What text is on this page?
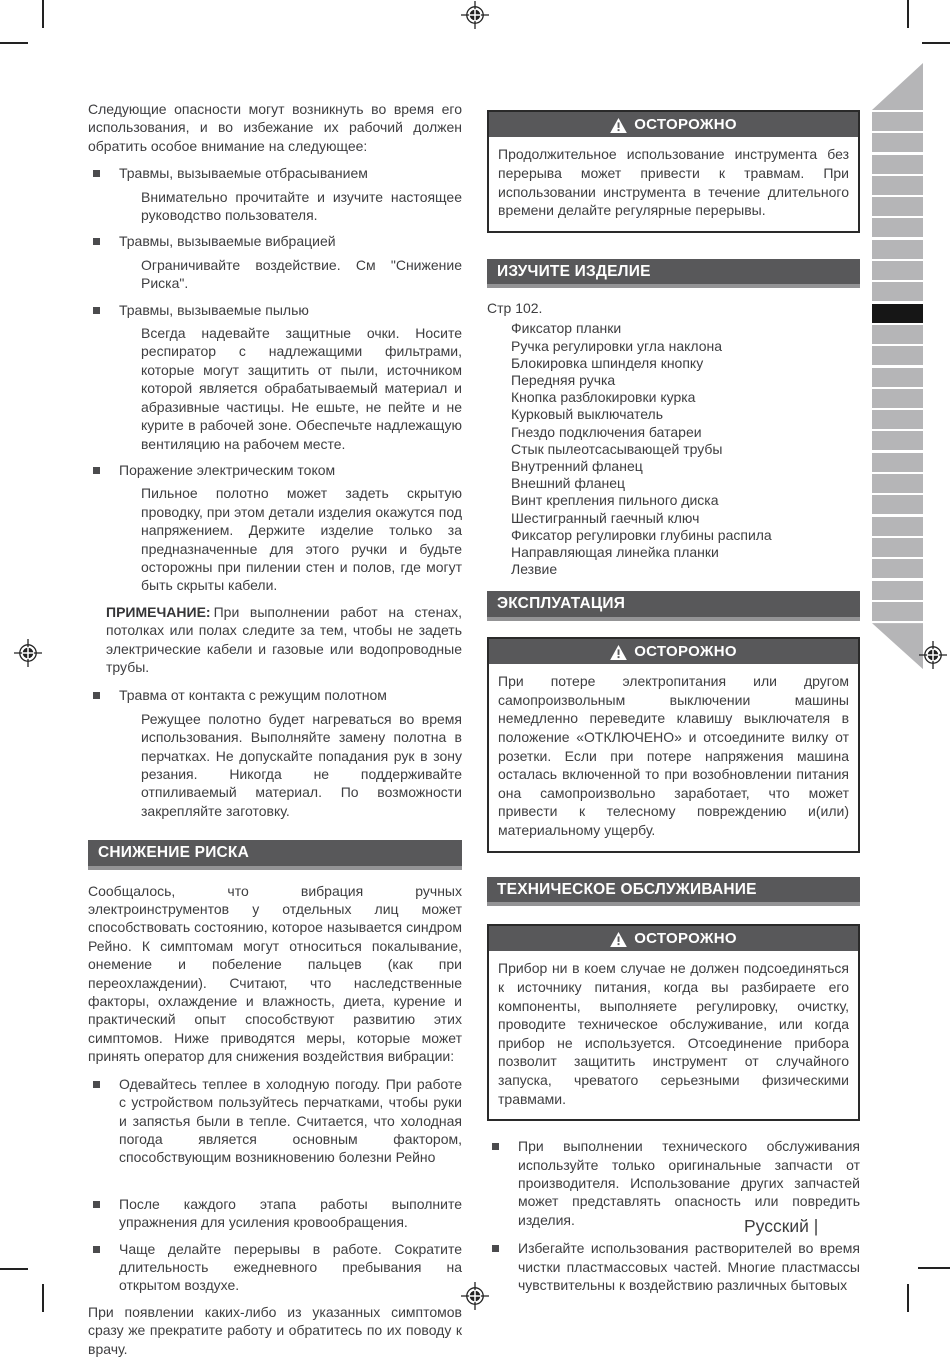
Следующие опасности могут возникнуть во время его использования, и во избежание их рабочий должен обратить особое внимание на следующее:

Травмы, вызываемые отбрасыванием
Внимательно прочитайте и изучите настоящее руководство пользователя.
Травмы, вызываемые вибрацией
Ограничивайте воздействие. См "Снижение Риска".
Травмы, вызываемые пылью
Всегда надевайте защитные очки. Носите респиратор с надлежащими фильтрами, которые могут защитить от пыли, источником которой является обрабатываемый материал и абразивные частицы. Не ешьте, не пейте и не курите в рабочей зоне. Обеспечьте надлежащую вентиляцию на рабочем месте.
Поражение электрическим током
Пильное полотно может задеть скрытую проводку, при этом детали изделия окажутся под напряжением. Держите изделие только за предназначенные для этого ручки и будьте осторожны при пилении стен и полов, где могут быть скрыты кабели.

ПРИМЕЧАНИЕ: При выполнении работ на стенах, потолках или полах следите за тем, чтобы не задеть электрические кабели и газовые или водопроводные трубы.

Травма от контакта с режущим полотном
Режущее полотно будет нагреваться во время использования. Выполняйте замену полотна в перчатках. Не допускайте попадания рук в зону резания. Никогда не поддерживайте отпиливаемый материал. По возможности закрепляйте заготовку.
СНИЖЕНИЕ РИСКА

Сообщалось, что вибрация ручных электроинструментов у отдельных лиц может способствовать состоянию, которое называется синдром Рейно. К симптомам могут относиться покалывание, онемение и побеление пальцев (как при переохлаждении). Считают, что наследственные факторы, охлаждение и влажность, диета, курение и практический опыт способствуют развитию этих симптомов. Ниже приводятся меры, которые может принять оператор для снижения воздействия вибрации:

Одевайтесь теплее в холодную погоду. При работе с устройством пользуйтесь перчатками, чтобы руки и запястья были в тепле. Считается, что холодная погода является основным фактором, способствующим возникновению болезни Рейно
После каждого этапа работы выполните упражнения для усиления кровообращения.
Чаще делайте перерывы в работе. Сократите длительность ежедневного пребывания на открытом воздухе.

При появлении каких-либо из указанных симптомов сразу же прекратите работу и обратитесь по их поводу к врачу.

ОСТОРОЖНО
Продолжительное использование инструмента без перерыва может привести к травмам. При использовании инструмента в течение длительного времени делайте регулярные перерывы.
ИЗУЧИТЕ ИЗДЕЛИЕ
Стр 102.
Фиксатор планки
Ручка регулировки угла наклона
Блокировка шпинделя кнопку
Передняя ручка
Кнопка разблокировки курка
Курковый выключатель
Гнездо подключения батареи
Стык пылеотсасывающей трубы
Внутренний фланец
Внешний фланец
Винт крепления пильного диска
Шестигранный гаечный ключ
Фиксатор регулировки глубины распила
Направляющая линейка планки
Лезвие
ЭКСПЛУАТАЦИЯ
ОСТОРОЖНО
При потере электропитания или другом самопроизвольным выключении машины немедленно переведите клавишу выключателя в положение «ОТКЛЮЧЕНО» и отсоедините вилку от розетки. Если при потере напряжения машина осталась включенной то при возобновлении питания она самопроизвольно заработает, что может привести к телесному повреждению и(или) материальному ущербу.
ТЕХНИЧЕСКОЕ ОБСЛУЖИВАНИЕ
ОСТОРОЖНО
Прибор ни в коем случае не должен подсоединяться к источнику питания, когда вы разбираете его компоненты, выполняете регулировку, очистку, проводите техническое обслуживание, или когда прибор не используется. Отсоединение прибора позволит защитить инструмент от случайного запуска, чреватого серьезными физическими травмами.
При выполнении технического обслуживания используйте только оригинальные запчасти от производителя. Использование других запчастей может представлять опасность или повредить изделия.
Избегайте использования растворителей во время чистки пластмассовых частей. Многие пластмассы чувствительны к воздействию различных бытовых
Русский |
